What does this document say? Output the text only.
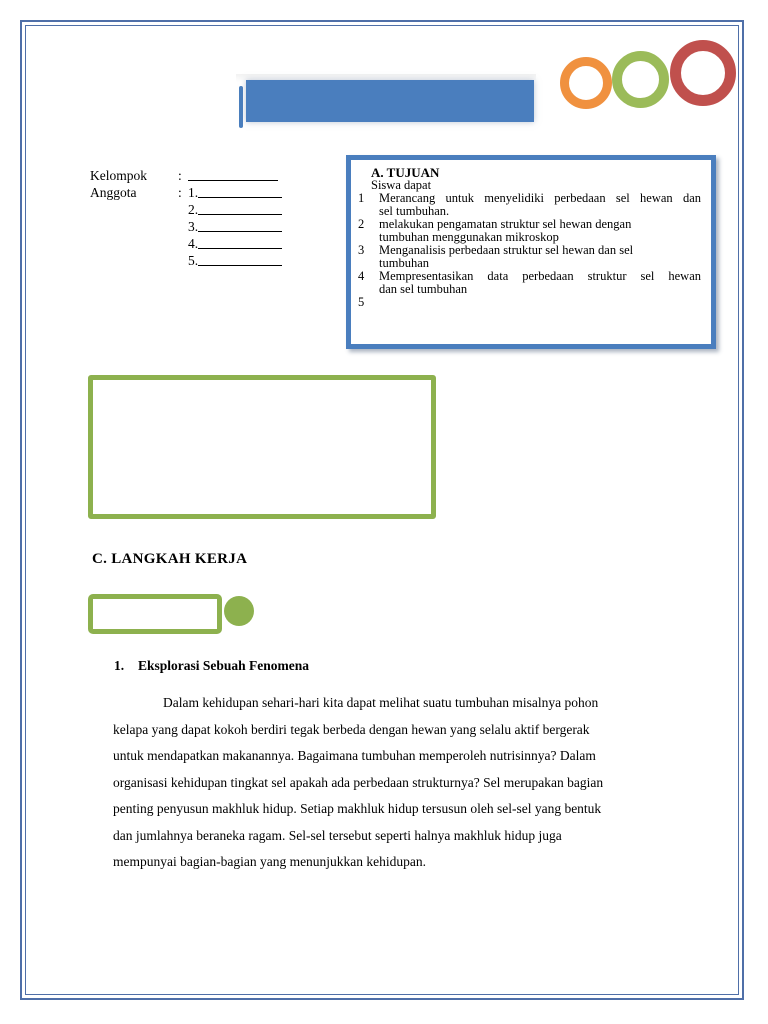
Kelompok :
Anggota	: 1.
2.
3.
4.
5.
A. TUJUAN
Siswa dapat
1 Merancang untuk menyelidiki perbedaan sel hewan dan
sel tumbuhan.
2 melakukan pengamatan struktur sel hewan dengan
tumbuhan menggunakan mikroskop
3 Menganalisis perbedaan struktur sel hewan dan sel
tumbuhan
4 Mempresentasikan data perbedaan struktur sel hewan
dan sel tumbuhan
5
C. LANGKAH KERJA
1. Eksplorasi Sebuah Fenomena
Dalam kehidupan sehari-hari kita dapat melihat suatu tumbuhan misalnya pohon
kelapa yang dapat kokoh berdiri tegak berbeda dengan hewan yang selalu aktif bergerak
untuk mendapatkan makanannya. Bagaimana tumbuhan memperoleh nutrisinnya? Dalam
organisasi kehidupan tingkat sel apakah ada perbedaan strukturnya? Sel merupakan bagian
penting penyusun makhluk hidup. Setiap makhluk hidup tersusun oleh sel-sel yang bentuk
dan jumlahnya beraneka ragam. Sel-sel tersebut seperti halnya makhluk hidup juga
mempunyai bagian-bagian yang menunjukkan kehidupan.
